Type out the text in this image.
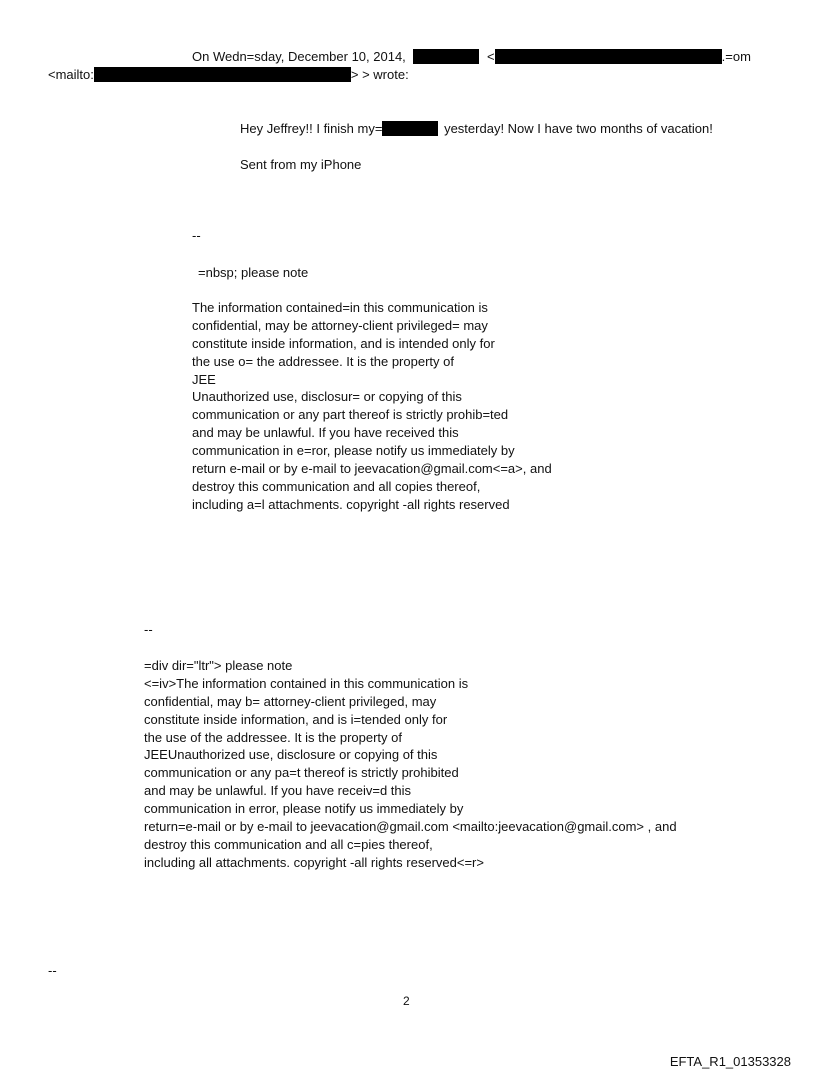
On Wedn=sday, December 10, 2014,	<	.=om
<mailto:	> > wrote:
Hey Jeffrey!! I finish my=	yesterday! Now I have two months of vacation!
Sent from my iPhone
--
=nbsp; please note
The information contained=in this communication is
confidential, may be attorney-client privileged= may
constitute inside information, and is intended only for
the use o= the addressee. It is the property of
JEE
Unauthorized use, disclosur= or copying of this
communication or any part thereof is strictly prohib=ted
and may be unlawful. If you have received this
communication in e=ror, please notify us immediately by
return e-mail or by e-mail to jeevacation@gmail.com<=a>, and
destroy this communication and all copies thereof,
including a=l attachments. copyright -all rights reserved
--
=div dir="ltr"> please note
<=iv>The information contained in this communication is
confidential, may b= attorney-client privileged, may
constitute inside information, and is i=tended only for
the use of the addressee. It is the property of
JEEUnauthorized use, disclosure or copying of this
communication or any pa=t thereof is strictly prohibited
and may be unlawful. If you have receiv=d this
communication in error, please notify us immediately by
return=e-mail or by e-mail to jeevacation@gmail.com <mailto:jeevacation@gmail.com> , and
destroy this communication and all c=pies thereof,
including all attachments. copyright -all rights reserved<=r>
--
2
EFTA_R1_01353328
